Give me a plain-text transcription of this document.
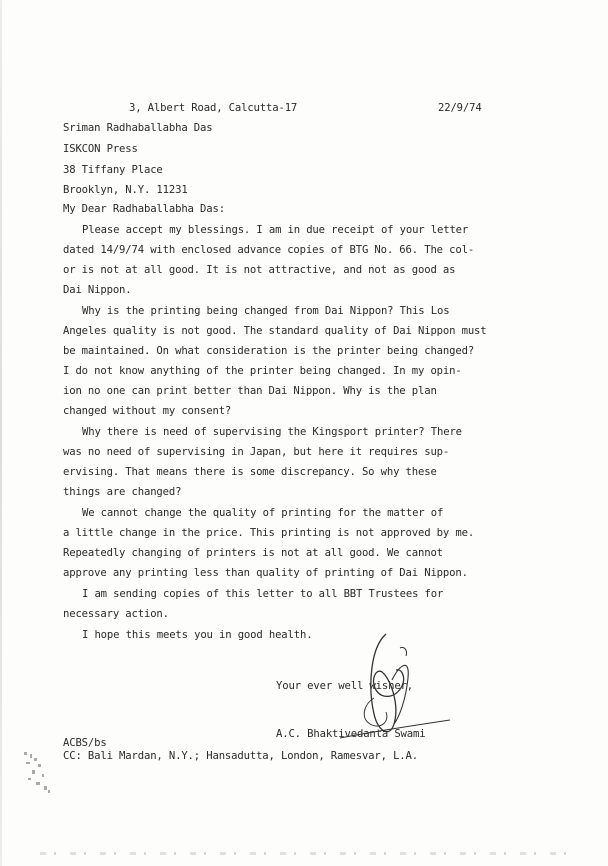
3, Albert Road, Calcutta-17	22/9/74
Sriman Radhaballabha Das
ISKCON Press
38 Tiffany Place
Brooklyn, N.Y. 11231
My Dear Radhaballabha Das:
Please accept my blessings. I am in due receipt of your letter
dated 14/9/74 with enclosed advance copies of BTG No. 66. The col-
or is not at all good. It is not attractive, and not as good as
Dai Nippon.
Why is the printing being changed from Dai Nippon? This Los
Angeles quality is not good. The standard quality of Dai Nippon must
be maintained. On what consideration is the printer being changed?
I do not know anything of the printer being changed. In my opin-
ion no one can print better than Dai Nippon. Why is the plan
changed without my consent?
Why there is need of supervising the Kingsport printer? There
was no need of supervising in Japan, but here it requires sup-
ervising. That means there is some discrepancy. So why these
things are changed?
We cannot change the quality of printing for the matter of
a little change in the price. This printing is not approved by me.
Repeatedly changing of printers is not at all good. We cannot
approve any printing less than quality of printing of Dai Nippon.
I am sending copies of this letter to all BBT Trustees for
necessary action.
I hope this meets you in good health.
Your ever well wisher,
A.C. Bhaktivedanta Swami
ACBS/bs
CC: Bali Mardan, N.Y.; Hansadutta, London, Ramesvar, L.A.
